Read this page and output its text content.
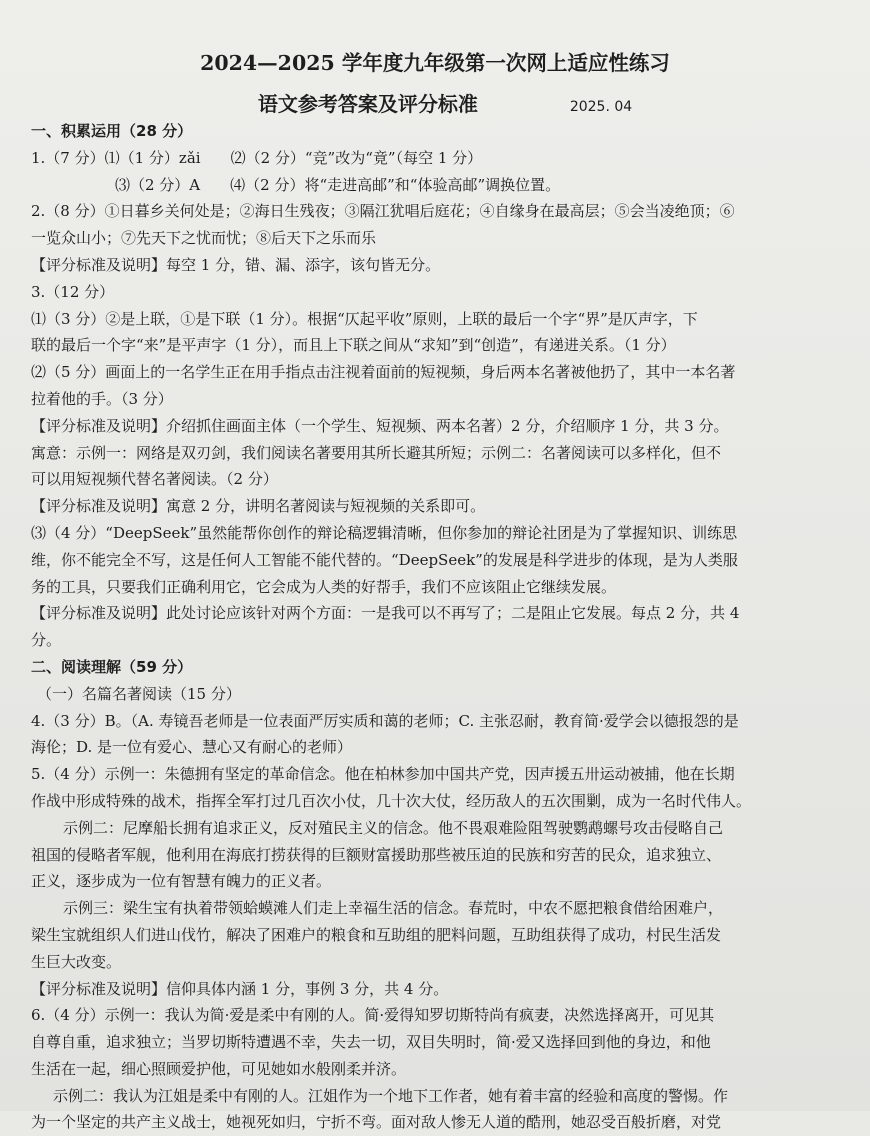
2024—2025 学年度九年级第一次网上适应性练习
语文参考答案及评分标准	2025. 04
一、积累运用（28 分）
1.（7 分）⑴（1 分）zǎi　　⑵（2 分）“竞”改为“竟”（每空 1 分）
⑶（2 分）A　　⑷（2 分）将“走进高邮”和“体验高邮”调换位置。
2.（8 分）①日暮乡关何处是；②海日生残夜；③隔江犹唱后庭花；④自缘身在最高层；⑤会当凌绝顶；⑥
一览众山小；⑦先天下之忧而忧；⑧后天下之乐而乐
【评分标准及说明】每空 1 分，错、漏、添字，该句皆无分。
3.（12 分）
⑴（3 分）②是上联，①是下联（1 分）。根据“仄起平收”原则，上联的最后一个字“界”是仄声字，下
联的最后一个字“来”是平声字（1 分），而且上下联之间从“求知”到“创造”，有递进关系。（1 分）
⑵（5 分）画面上的一名学生正在用手指点击注视着面前的短视频，身后两本名著被他扔了，其中一本名著
拉着他的手。（3 分）
【评分标准及说明】介绍抓住画面主体（一个学生、短视频、两本名著）2 分，介绍顺序 1 分，共 3 分。
寓意：示例一：网络是双刃剑，我们阅读名著要用其所长避其所短；示例二：名著阅读可以多样化，但不
可以用短视频代替名著阅读。（2 分）
【评分标准及说明】寓意 2 分，讲明名著阅读与短视频的关系即可。
⑶（4 分）“DeepSeek”虽然能帮你创作的辩论稿逻辑清晰，但你参加的辩论社团是为了掌握知识、训练思
维，你不能完全不写，这是任何人工智能不能代替的。“DeepSeek”的发展是科学进步的体现，是为人类服
务的工具，只要我们正确利用它，它会成为人类的好帮手，我们不应该阻止它继续发展。
【评分标准及说明】此处讨论应该针对两个方面：一是我可以不再写了；二是阻止它发展。每点 2 分，共 4
分。
二、阅读理解（59 分）
（一）名篇名著阅读（15 分）
4.（3 分）B。（A. 寿镜吾老师是一位表面严厉实质和蔼的老师；C. 主张忍耐，教育简·爱学会以德报怨的是
海伦；D. 是一位有爱心、慧心又有耐心的老师）
5.（4 分）示例一：朱德拥有坚定的革命信念。他在柏林参加中国共产党，因声援五卅运动被捕，他在长期
作战中形成特殊的战术，指挥全军打过几百次小仗，几十次大仗，经历敌人的五次围剿，成为一名时代伟人。
示例二：尼摩船长拥有追求正义，反对殖民主义的信念。他不畏艰难险阻驾驶鹦鹉螺号攻击侵略自己
祖国的侵略者军舰，他利用在海底打捞获得的巨额财富援助那些被压迫的民族和穷苦的民众，追求独立、
正义，逐步成为一位有智慧有魄力的正义者。
示例三：梁生宝有执着带领蛤蟆滩人们走上幸福生活的信念。春荒时，中农不愿把粮食借给困难户，
梁生宝就组织人们进山伐竹，解决了困难户的粮食和互助组的肥料问题，互助组获得了成功，村民生活发
生巨大改变。
【评分标准及说明】信仰具体内涵 1 分，事例 3 分，共 4 分。
6.（4 分）示例一：我认为简·爱是柔中有刚的人。简·爱得知罗切斯特尚有疯妻，决然选择离开，可见其
自尊自重，追求独立；当罗切斯特遭遇不幸，失去一切，双目失明时，简·爱又选择回到他的身边，和他
生活在一起，细心照顾爱护他，可见她如水般刚柔并济。
示例二：我认为江姐是柔中有刚的人。江姐作为一个地下工作者，她有着丰富的经验和高度的警惕。作
为一个坚定的共产主义战士，她视死如归，宁折不弯。面对敌人惨无人道的酷刑，她忍受百般折磨，对党
